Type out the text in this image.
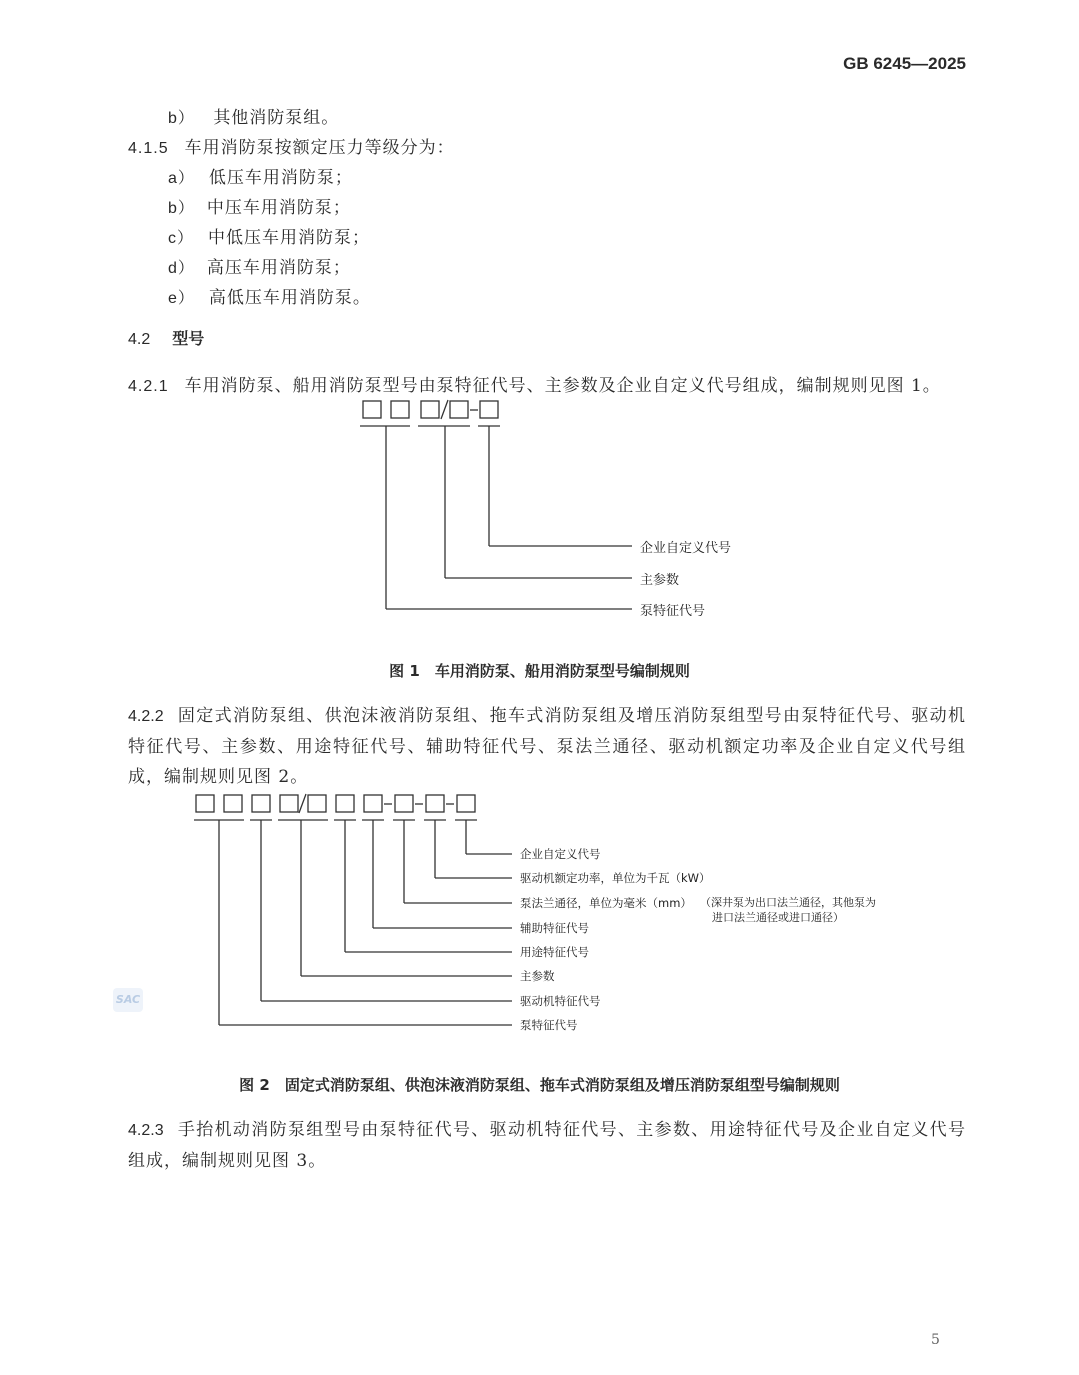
GB 6245—2025
b） 其他消防泵组。
4.1.5 车用消防泵按额定压力等级分为：
a） 低压车用消防泵；
b） 中压车用消防泵；
c） 中低压车用消防泵；
d） 高压车用消防泵；
e） 高低压车用消防泵。
4.2 型号
4.2.1 车用消防泵、船用消防泵型号由泵特征代号、主参数及企业自定义代号组成，编制规则见图 1。
企业自定义代号
主参数
泵特征代号
图 1　车用消防泵、船用消防泵型号编制规则
4.2.2 固定式消防泵组、供泡沫液消防泵组、拖车式消防泵组及增压消防泵组型号由泵特征代号、驱动机特征代号、主参数、用途特征代号、辅助特征代号、泵法兰通径、驱动机额定功率及企业自定义代号组成，编制规则见图 2。
企业自定义代号
驱动机额定功率，单位为千瓦（kW）
泵法兰通径，单位为毫米（mm） （深井泵为出口法兰通径，其他泵为
进口法兰通径或进口通径）
辅助特征代号
用途特征代号
主参数
驱动机特征代号
泵特征代号
SAC
图 2　固定式消防泵组、供泡沫液消防泵组、拖车式消防泵组及增压消防泵组型号编制规则
4.2.3 手抬机动消防泵组型号由泵特征代号、驱动机特征代号、主参数、用途特征代号及企业自定义代号组成，编制规则见图 3。
5
